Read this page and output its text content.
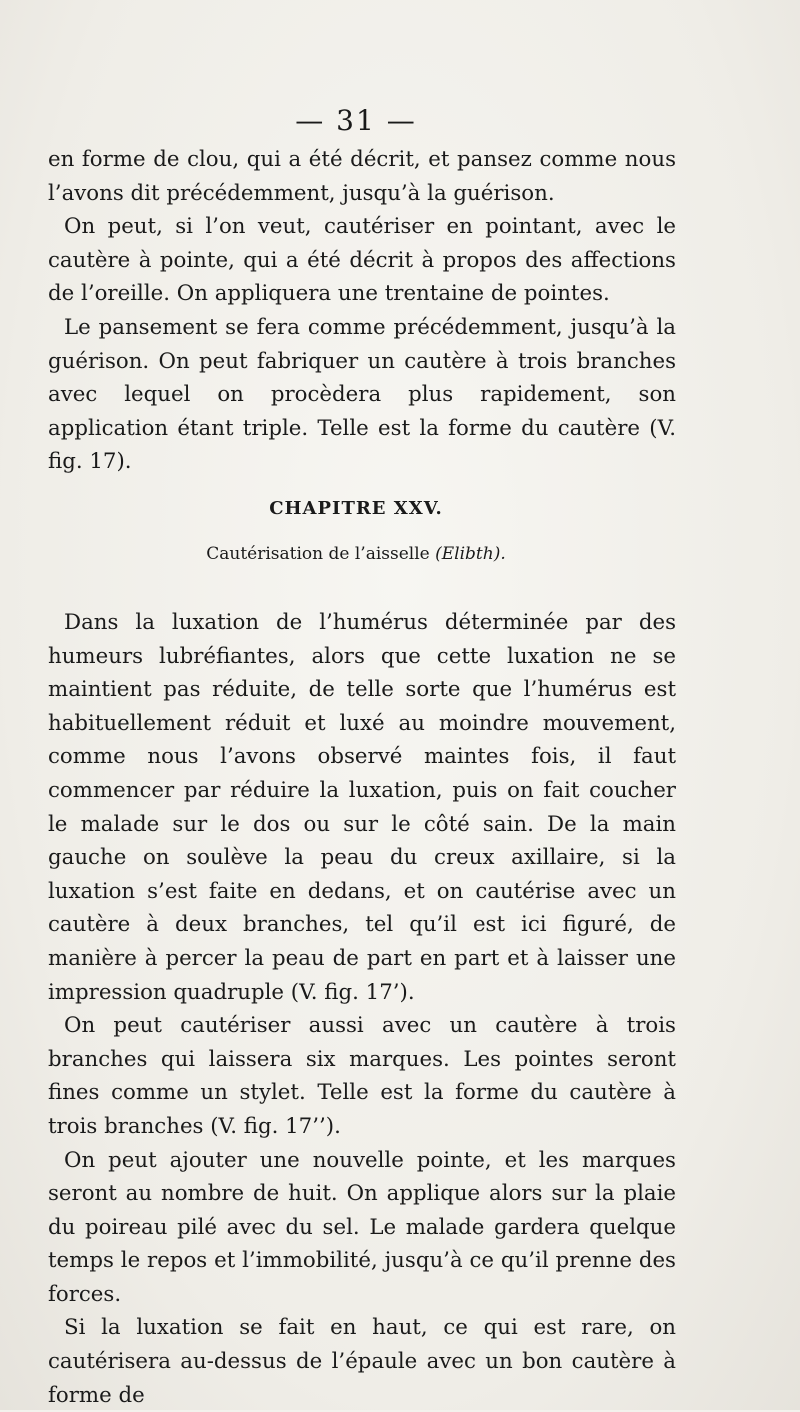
— 31 —

en forme de clou, qui a été décrit, et pansez comme nous l’avons dit précédemment, jusqu’à la guérison.

On peut, si l’on veut, cautériser en pointant, avec le cautère à pointe, qui a été décrit à propos des affections de l’oreille. On appliquera une trentaine de pointes.

Le pansement se fera comme précédemment, jusqu’à la guérison. On peut fabriquer un cautère à trois branches avec lequel on procèdera plus rapidement, son application étant triple. Telle est la forme du cautère (V. fig. 17).

CHAPITRE XXV.
Cautérisation de l’aisselle (Elibth).

Dans la luxation de l’humérus déterminée par des humeurs lubréfiantes, alors que cette luxation ne se maintient pas réduite, de telle sorte que l’humérus est habituellement réduit et luxé au moindre mouvement, comme nous l’avons observé maintes fois, il faut commencer par réduire la luxation, puis on fait coucher le malade sur le dos ou sur le côté sain. De la main gauche on soulève la peau du creux axillaire, si la luxation s’est faite en dedans, et on cautérise avec un cautère à deux branches, tel qu’il est ici figuré, de manière à percer la peau de part en part et à laisser une impression quadruple (V. fig. 17’).

On peut cautériser aussi avec un cautère à trois branches qui laissera six marques. Les pointes seront fines comme un stylet. Telle est la forme du cautère à trois branches (V. fig. 17’’).

On peut ajouter une nouvelle pointe, et les marques seront au nombre de huit. On applique alors sur la plaie du poireau pilé avec du sel. Le malade gardera quelque temps le repos et l’immobilité, jusqu’à ce qu’il prenne des forces.

Si la luxation se fait en haut, ce qui est rare, on cautérisera au-dessus de l’épaule avec un bon cautère à forme de
